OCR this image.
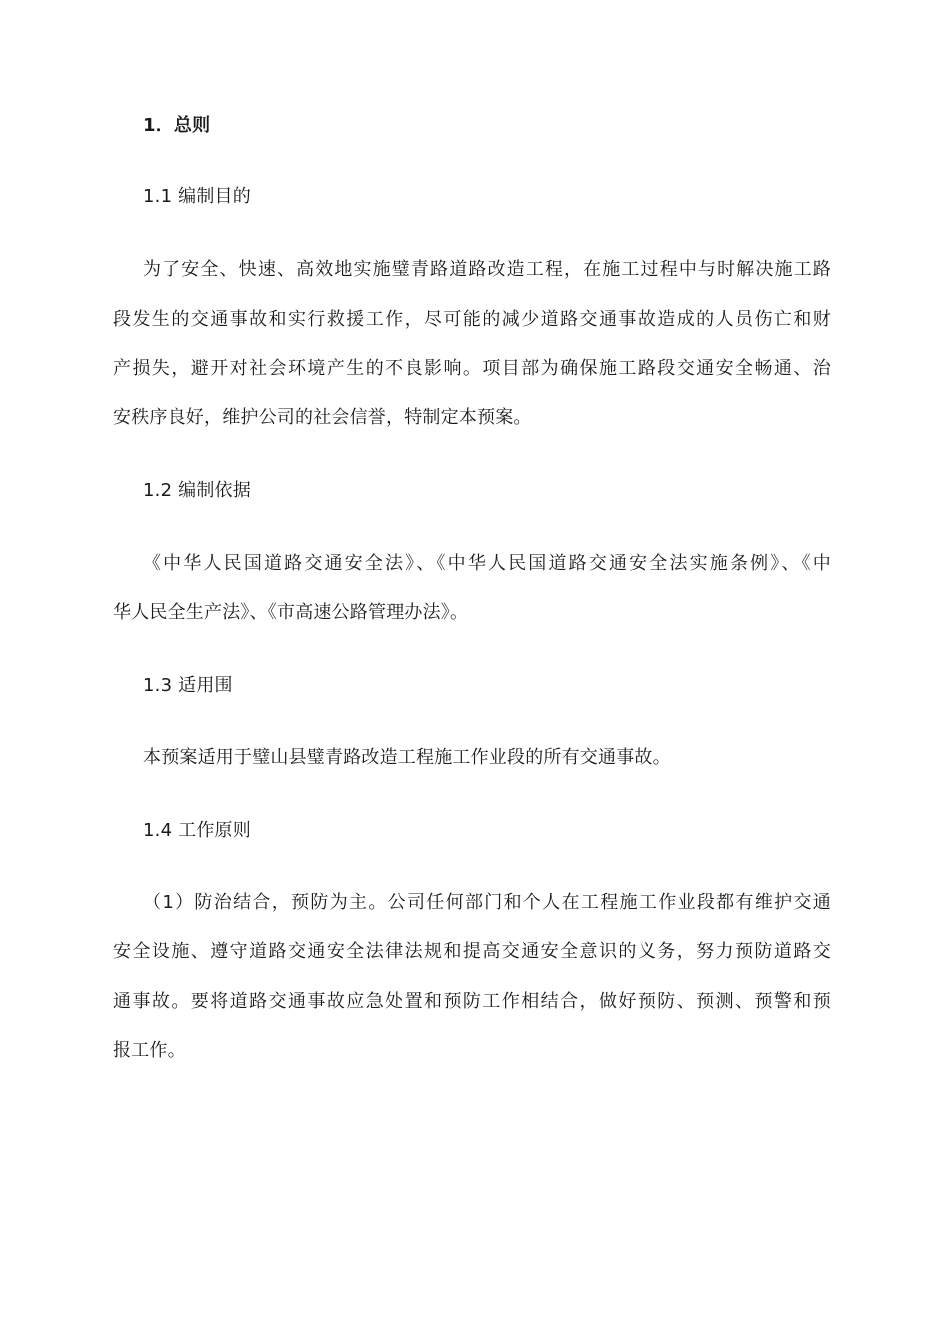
1．总则
1.1 编制目的
为了安全、快速、高效地实施璧青路道路改造工程，在施工过程中与时解决施工路
段发生的交通事故和实行救援工作，尽可能的减少道路交通事故造成的人员伤亡和财
产损失，避开对社会环境产生的不良影响。项目部为确保施工路段交通安全畅通、治
安秩序良好，维护公司的社会信誉，特制定本预案。
1.2 编制依据
《中华人民国道路交通安全法》、《中华人民国道路交通安全法实施条例》、《中
华人民全生产法》、《市高速公路管理办法》。
1.3 适用围
本预案适用于璧山县璧青路改造工程施工作业段的所有交通事故。
1.4 工作原则
（1）防治结合，预防为主。公司任何部门和个人在工程施工作业段都有维护交通
安全设施、遵守道路交通安全法律法规和提高交通安全意识的义务，努力预防道路交
通事故。要将道路交通事故应急处置和预防工作相结合，做好预防、预测、预警和预
报工作。
